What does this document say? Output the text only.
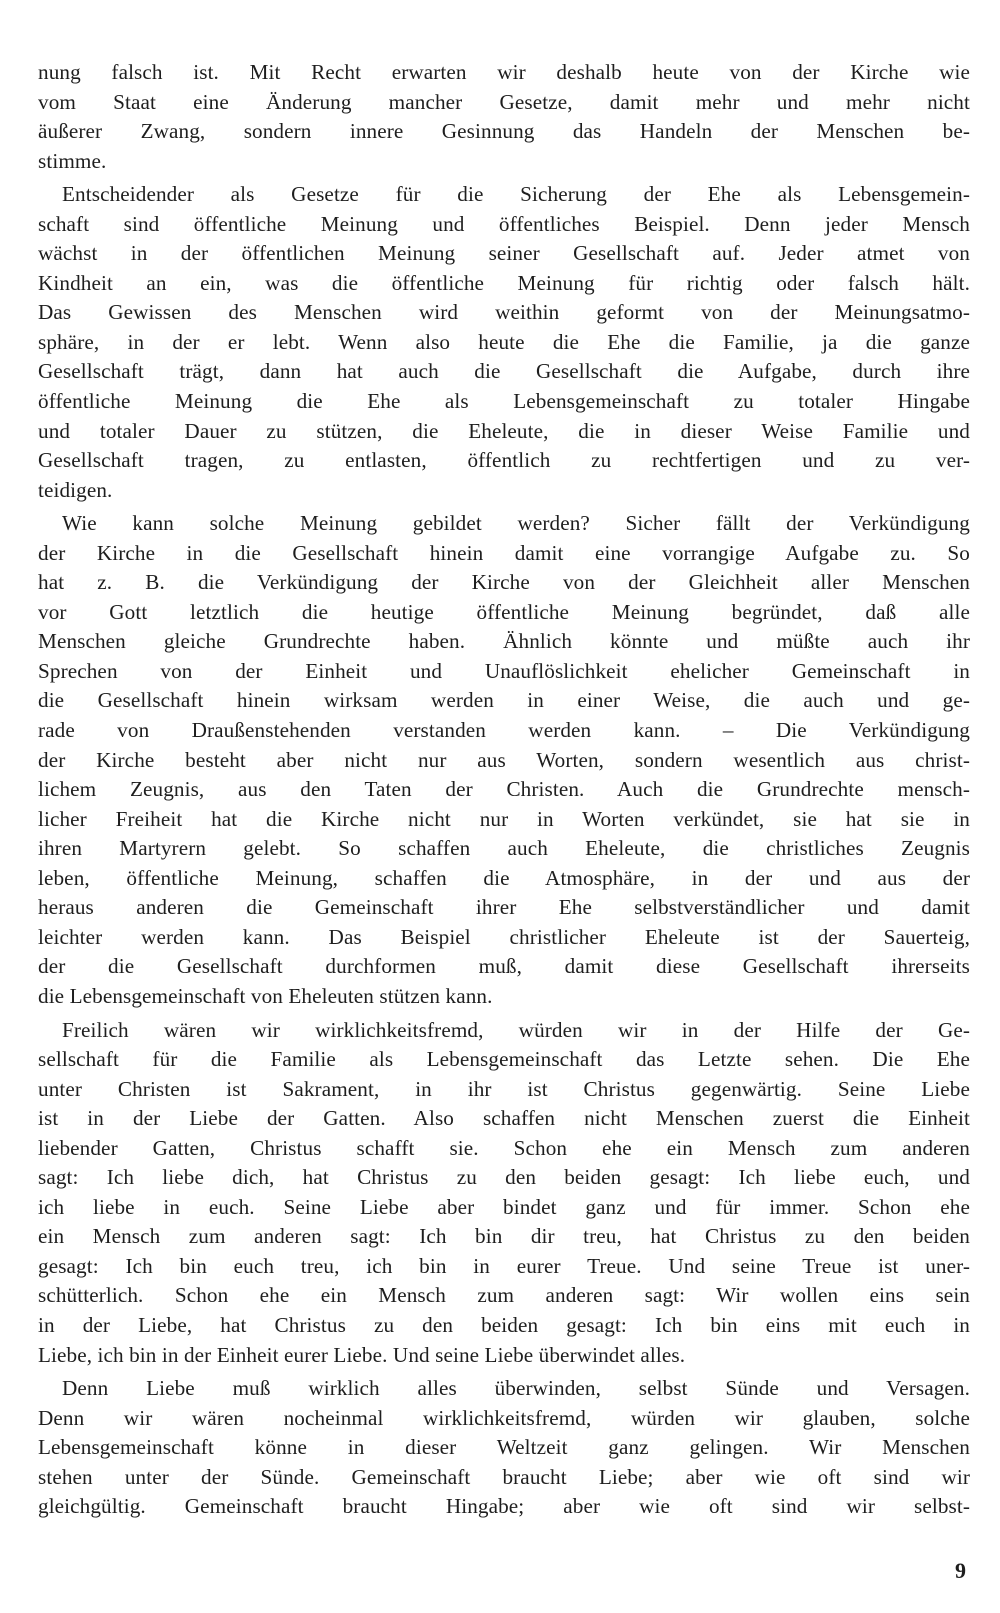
nung falsch ist. Mit Recht erwarten wir deshalb heute von der Kirche wie
vom Staat eine Änderung mancher Gesetze, damit mehr und mehr nicht
äußerer Zwang, sondern innere Gesinnung das Handeln der Menschen be-
stimme.
Entscheidender als Gesetze für die Sicherung der Ehe als Lebensgemein-
schaft sind öffentliche Meinung und öffentliches Beispiel. Denn jeder Mensch
wächst in der öffentlichen Meinung seiner Gesellschaft auf. Jeder atmet von
Kindheit an ein, was die öffentliche Meinung für richtig oder falsch hält.
Das Gewissen des Menschen wird weithin geformt von der Meinungsatmo-
sphäre, in der er lebt. Wenn also heute die Ehe die Familie, ja die ganze
Gesellschaft trägt, dann hat auch die Gesellschaft die Aufgabe, durch ihre
öffentliche Meinung die Ehe als Lebensgemeinschaft zu totaler Hingabe
und totaler Dauer zu stützen, die Eheleute, die in dieser Weise Familie und
Gesellschaft tragen, zu entlasten, öffentlich zu rechtfertigen und zu ver-
teidigen.
Wie kann solche Meinung gebildet werden? Sicher fällt der Verkündigung
der Kirche in die Gesellschaft hinein damit eine vorrangige Aufgabe zu. So
hat z. B. die Verkündigung der Kirche von der Gleichheit aller Menschen
vor Gott letztlich die heutige öffentliche Meinung begründet, daß alle
Menschen gleiche Grundrechte haben. Ähnlich könnte und müßte auch ihr
Sprechen von der Einheit und Unauflöslichkeit ehelicher Gemeinschaft in
die Gesellschaft hinein wirksam werden in einer Weise, die auch und ge-
rade von Draußenstehenden verstanden werden kann. – Die Verkündigung
der Kirche besteht aber nicht nur aus Worten, sondern wesentlich aus christ-
lichem Zeugnis, aus den Taten der Christen. Auch die Grundrechte mensch-
licher Freiheit hat die Kirche nicht nur in Worten verkündet, sie hat sie in
ihren Martyrern gelebt. So schaffen auch Eheleute, die christliches Zeugnis
leben, öffentliche Meinung, schaffen die Atmosphäre, in der und aus der
heraus anderen die Gemeinschaft ihrer Ehe selbstverständlicher und damit
leichter werden kann. Das Beispiel christlicher Eheleute ist der Sauerteig,
der die Gesellschaft durchformen muß, damit diese Gesellschaft ihrerseits
die Lebensgemeinschaft von Eheleuten stützen kann.
Freilich wären wir wirklichkeitsfremd, würden wir in der Hilfe der Ge-
sellschaft für die Familie als Lebensgemeinschaft das Letzte sehen. Die Ehe
unter Christen ist Sakrament, in ihr ist Christus gegenwärtig. Seine Liebe
ist in der Liebe der Gatten. Also schaffen nicht Menschen zuerst die Einheit
liebender Gatten, Christus schafft sie. Schon ehe ein Mensch zum anderen
sagt: Ich liebe dich, hat Christus zu den beiden gesagt: Ich liebe euch, und
ich liebe in euch. Seine Liebe aber bindet ganz und für immer. Schon ehe
ein Mensch zum anderen sagt: Ich bin dir treu, hat Christus zu den beiden
gesagt: Ich bin euch treu, ich bin in eurer Treue. Und seine Treue ist uner-
schütterlich. Schon ehe ein Mensch zum anderen sagt: Wir wollen eins sein
in der Liebe, hat Christus zu den beiden gesagt: Ich bin eins mit euch in
Liebe, ich bin in der Einheit eurer Liebe. Und seine Liebe überwindet alles.
Denn Liebe muß wirklich alles überwinden, selbst Sünde und Versagen.
Denn wir wären nocheinmal wirklichkeitsfremd, würden wir glauben, solche
Lebensgemeinschaft könne in dieser Weltzeit ganz gelingen. Wir Menschen
stehen unter der Sünde. Gemeinschaft braucht Liebe; aber wie oft sind wir
gleichgültig. Gemeinschaft braucht Hingabe; aber wie oft sind wir selbst-
9
